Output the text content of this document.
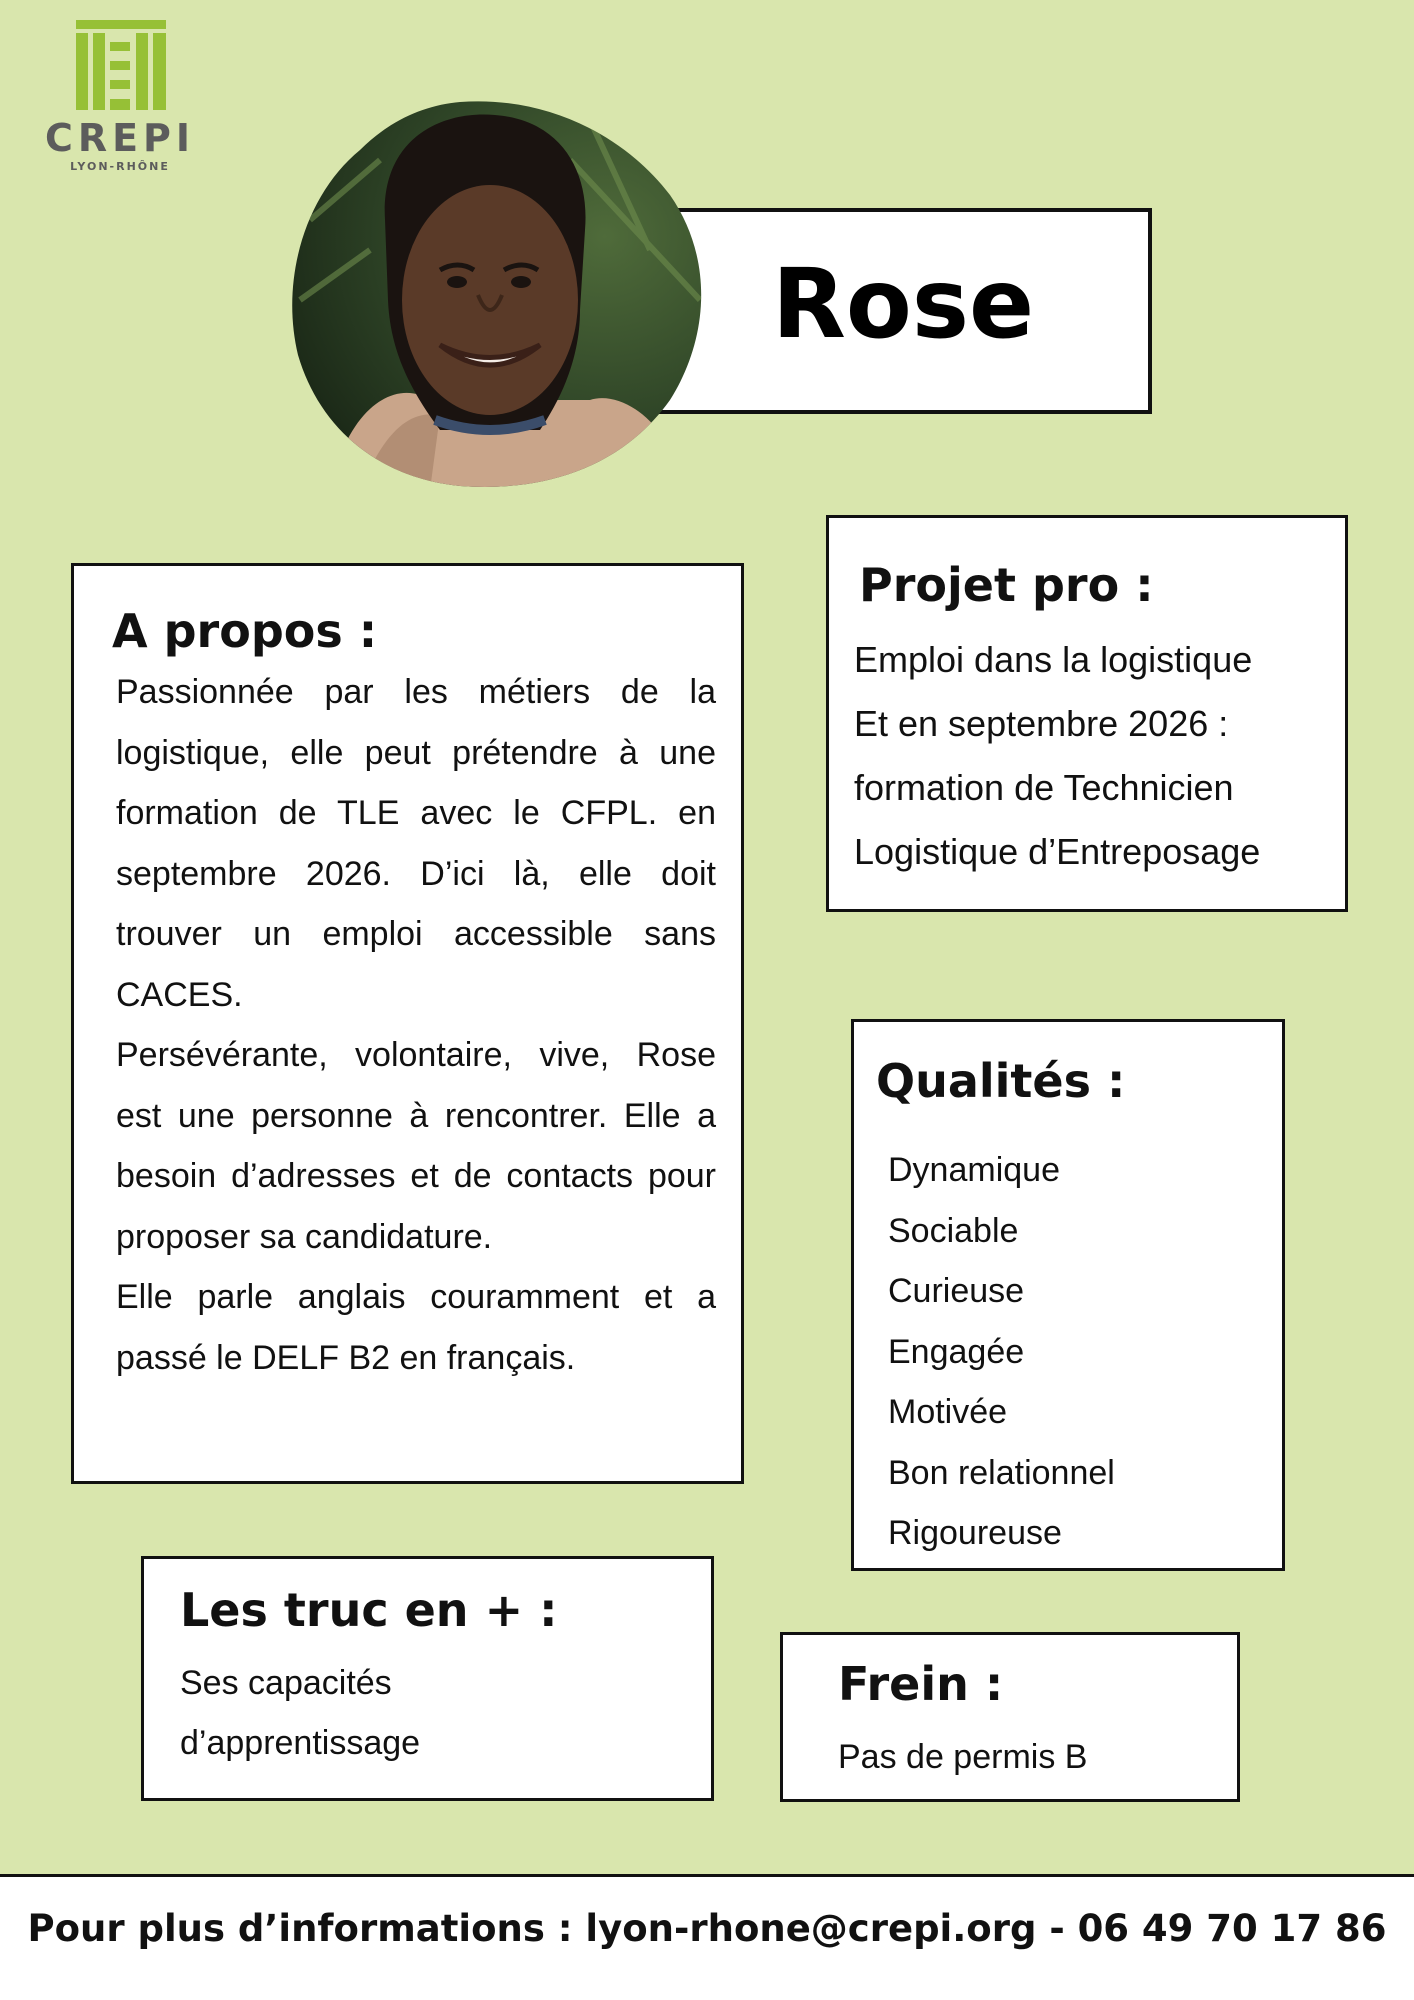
CREPI
LYON-RHÔNE
Rose
A propos :

Passionnée par les métiers de la logistique, elle peut prétendre à une formation de TLE avec le CFPL. en septembre 2026. D’ici là, elle doit trouver un emploi accessible sans CACES.

Persévérante, volontaire, vive, Rose est une personne à rencontrer. Elle a besoin d’adresses et de contacts pour proposer sa candidature.

Elle parle anglais couramment et a passé le DELF B2 en français.

Projet pro :
Emploi dans la logistique
Et en septembre 2026 :
formation de Technicien
Logistique d’Entreposage
Qualités :
Dynamique
Sociable
Curieuse
Engagée
Motivée
Bon relationnel
Rigoureuse
Les truc en + :
Ses capacités
d’apprentissage
Frein :
Pas de permis B
Pour plus d’informations : lyon-rhone@crepi.org - 06 49 70 17 86
